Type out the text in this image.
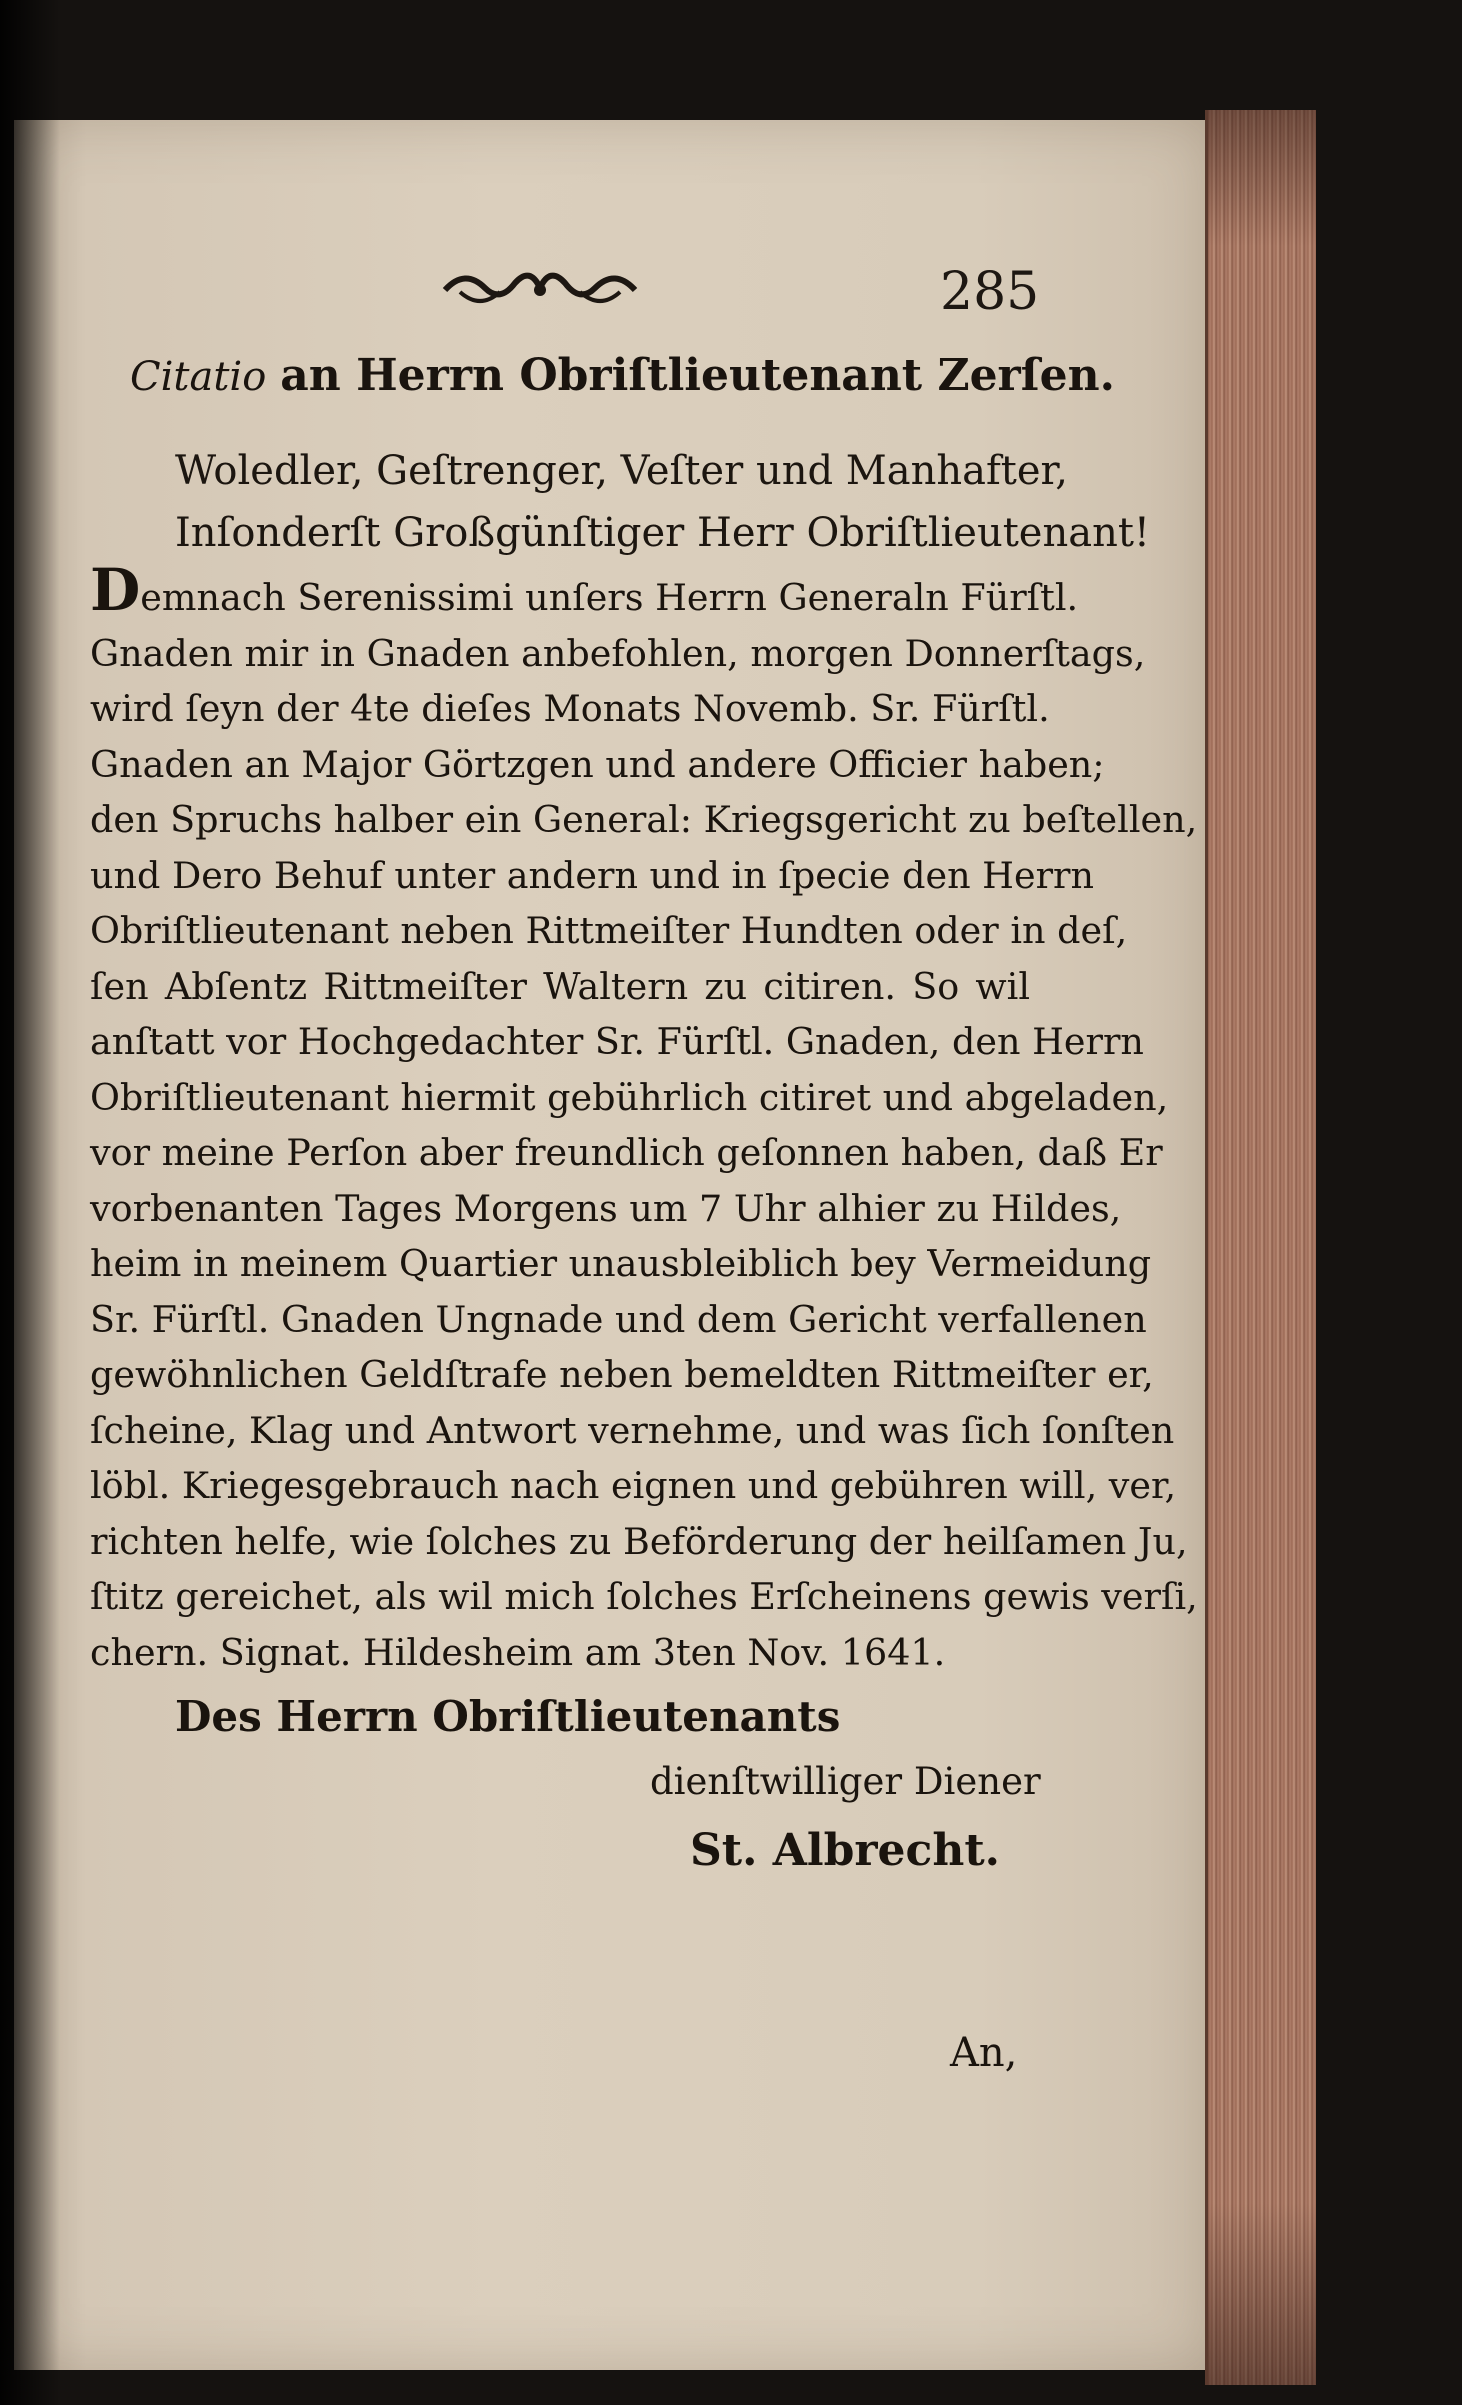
285
Citatio an Herrn Obriſtlieutenant Zerſen.
Woledler, Geſtrenger, Veſter und Manhafter,
Inſonderſt Großgünſtiger Herr Obriſtlieutenant!
Demnach Serenissimi unſers Herrn Generaln Fürſtl.
Gnaden mir in Gnaden anbefohlen, morgen Donnerſtags,
wird ſeyn der 4te dieſes Monats Novemb. Sr. Fürſtl.
Gnaden an Major Görtzgen und andere Officier haben;
den Spruchs halber ein General: Kriegsgericht zu beſtellen,
und Dero Behuf unter andern und in ſpecie den Herrn
Obriſtlieutenant neben Rittmeiſter Hundten oder in deſ,
ſen Abſentz Rittmeiſter Waltern zu citiren. So wil
anſtatt vor Hochgedachter Sr. Fürſtl. Gnaden, den Herrn
Obriſtlieutenant hiermit gebührlich citiret und abgeladen,
vor meine Perſon aber freundlich geſonnen haben, daß Er
vorbenanten Tages Morgens um 7 Uhr alhier zu Hildes,
heim in meinem Quartier unausbleiblich bey Vermeidung
Sr. Fürſtl. Gnaden Ungnade und dem Gericht verfallenen
gewöhnlichen Geldſtrafe neben bemeldten Rittmeiſter er,
ſcheine, Klag und Antwort vernehme, und was ſich ſonſten
löbl. Kriegesgebrauch nach eignen und gebühren will, ver,
richten helfe, wie ſolches zu Beförderung der heilſamen Ju,
ſtitz gereichet, als wil mich ſolches Erſcheinens gewis verſi,
chern. Signat. Hildesheim am 3ten Nov. 1641.
Des Herrn Obriſtlieutenants
dienſtwilliger Diener
St. Albrecht.
An,
